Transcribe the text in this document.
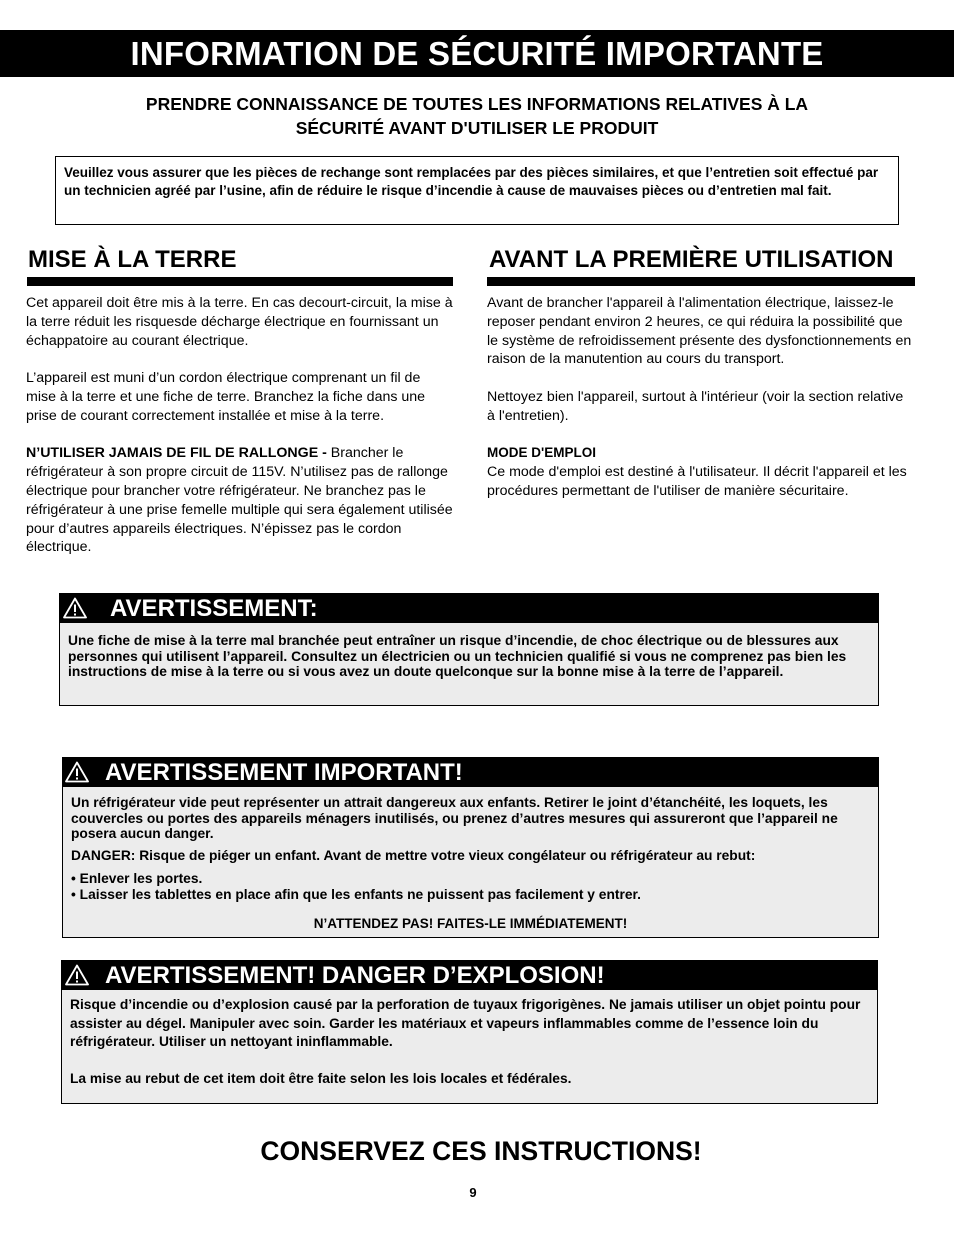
INFORMATION DE SÉCURITÉ IMPORTANTE
PRENDRE CONNAISSANCE DE TOUTES LES INFORMATIONS RELATIVES À LA
SÉCURITÉ AVANT D'UTILISER LE PRODUIT
Veuillez vous assurer que les pièces de rechange sont remplacées par des pièces similaires, et que l’entretien soit effectué par un technicien agréé par l’usine, afin de réduire le risque d’incendie à cause de mauvaises pièces ou d’entretien mal fait.
MISE À LA TERRE

Cet appareil doit être mis à la terre. En cas decourt-circuit, la mise à la terre réduit les risquesde décharge électrique en fournissant un échappatoire au courant électrique.

L’appareil est muni d’un cordon électrique comprenant un fil de mise à la terre et une fiche de terre. Branchez la fiche dans une prise de courant correctement installée et mise à la terre.

N’UTILISER JAMAIS DE FIL DE RALLONGE - Brancher le réfrigérateur à son propre circuit de 115V. N’utilisez pas de rallonge électrique pour brancher votre réfrigérateur. Ne branchez pas le réfrigérateur à une prise femelle multiple qui sera également utilisée pour d’autres appareils électriques. N’épissez pas le cordon électrique.

AVANT LA PREMIÈRE UTILISATION

Avant de brancher l'appareil à l'alimentation électrique, laissez-le reposer pendant environ 2 heures, ce qui réduira la possibilité que le système de refroidissement présente des dysfonctionnements en raison de la manutention au cours du transport.

Nettoyez bien l'appareil, surtout à l'intérieur (voir la section relative à l'entretien).

MODE D'EMPLOI
Ce mode d'emploi est destiné à l'utilisateur. Il décrit l'appareil et les procédures permettant de l'utiliser de manière sécuritaire.

AVERTISSEMENT:

Une fiche de mise à la terre mal branchée peut entraîner un risque d’incendie, de choc électrique ou de blessures aux personnes qui utilisent l’appareil. Consultez un électricien ou un technicien qualifié si vous ne comprenez pas bien les instructions de mise à la terre ou si vous avez un doute quelconque sur la bonne mise à la terre de l’appareil.

AVERTISSEMENT IMPORTANT!

Un réfrigérateur vide peut représenter un attrait dangereux aux enfants. Retirer le joint d’étanchéité, les loquets, les couvercles ou portes des appareils ménagers inutilisés, ou prenez d’autres mesures qui assureront que l’appareil ne posera aucun danger.

DANGER: Risque de piéger un enfant. Avant de mettre votre vieux congélateur ou réfrigérateur au rebut:

• Enlever les portes.

• Laisser les tablettes en place afin que les enfants ne puissent pas facilement y entrer.

N’ATTENDEZ PAS! FAITES-LE IMMÉDIATEMENT!

AVERTISSEMENT! DANGER D’EXPLOSION!

Risque d’incendie ou d’explosion causé par la perforation de tuyaux frigorigènes. Ne jamais utiliser un objet pointu pour assister au dégel. Manipuler avec soin. Garder les matériaux et vapeurs inflammables comme de l’essence loin du réfrigérateur. Utiliser un nettoyant ininflammable.

La mise au rebut de cet item doit être faite selon les lois locales et fédérales.

CONSERVEZ CES INSTRUCTIONS!
9
